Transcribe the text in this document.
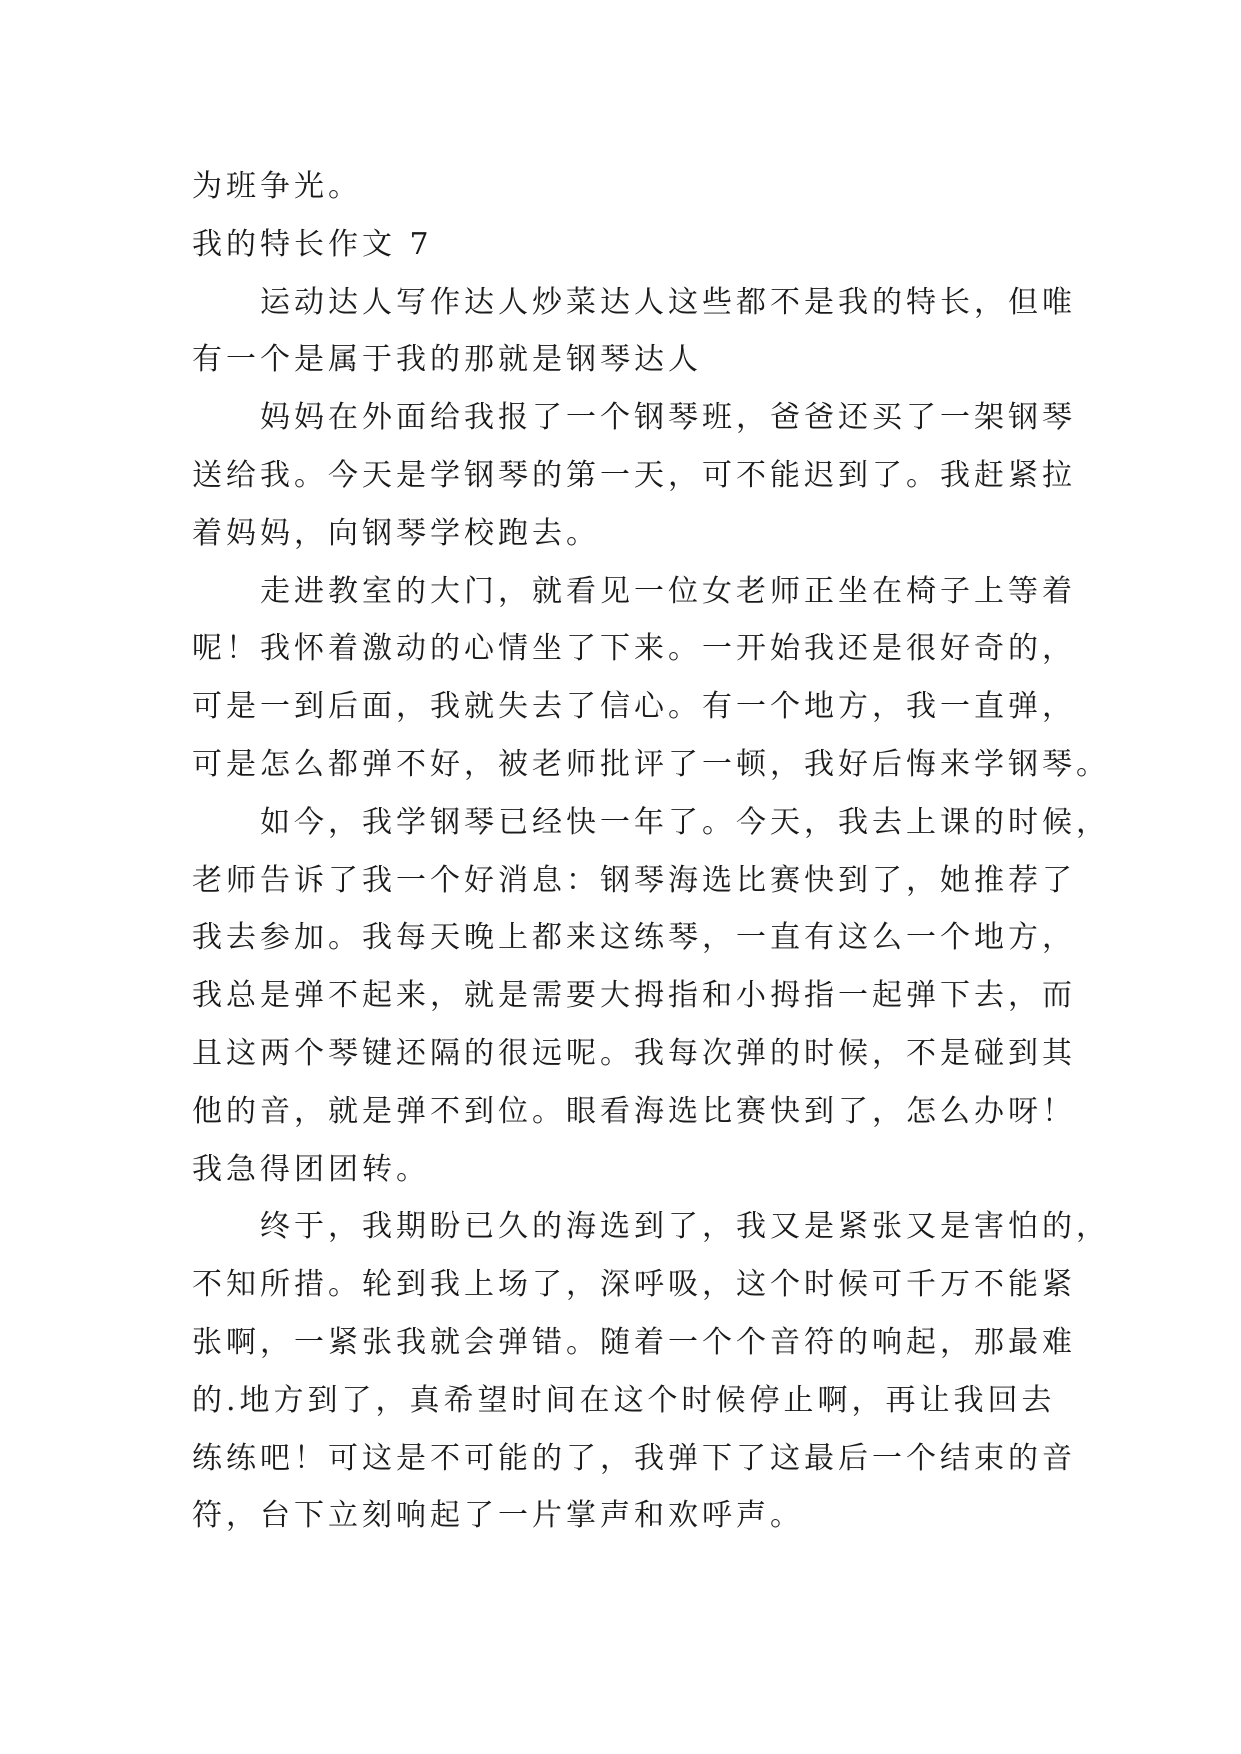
为班争光。
我的特长作文 7
运动达人写作达人炒菜达人这些都不是我的特长，但唯
有一个是属于我的那就是钢琴达人
妈妈在外面给我报了一个钢琴班，爸爸还买了一架钢琴
送给我。今天是学钢琴的第一天，可不能迟到了。我赶紧拉
着妈妈，向钢琴学校跑去。
走进教室的大门，就看见一位女老师正坐在椅子上等着
呢！我怀着激动的心情坐了下来。一开始我还是很好奇的，
可是一到后面，我就失去了信心。有一个地方，我一直弹，
可是怎么都弹不好，被老师批评了一顿，我好后悔来学钢琴。
如今，我学钢琴已经快一年了。今天，我去上课的时候，
老师告诉了我一个好消息：钢琴海选比赛快到了，她推荐了
我去参加。我每天晚上都来这练琴，一直有这么一个地方，
我总是弹不起来，就是需要大拇指和小拇指一起弹下去，而
且这两个琴键还隔的很远呢。我每次弹的时候，不是碰到其
他的音，就是弹不到位。眼看海选比赛快到了，怎么办呀！
我急得团团转。
终于，我期盼已久的海选到了，我又是紧张又是害怕的，
不知所措。轮到我上场了，深呼吸，这个时候可千万不能紧
张啊，一紧张我就会弹错。随着一个个音符的响起，那最难
的.地方到了，真希望时间在这个时候停止啊，再让我回去
练练吧！可这是不可能的了，我弹下了这最后一个结束的音
符，台下立刻响起了一片掌声和欢呼声。
